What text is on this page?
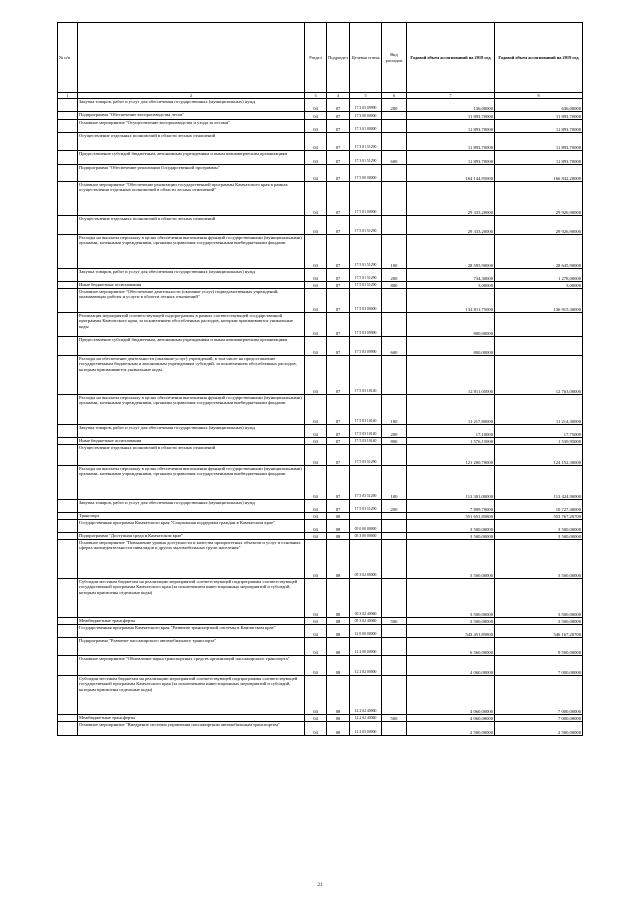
№ п/п		Раздел	Подраздел	Целевая статья	Вид расходов	Годовой объем ассигнований на 2018 год	Годовой объем ассигнований на 2019 год
1	2	3	4	5	6	7	8
	Закупка товаров, работ и услуг для обеспечения государственных (муниципальных) нужд	04	07	17 2 05 09990	200	136,00000	636,00000
	Подпрограмма "Обеспечение воспроизводства лесов"	04	07	17 3 00 00000		11 893,70000	11 893,70000
	Основное мероприятие "Осуществление воспроизводства и ухода за лесами"	04	07	17 3 01 00000		11 893,70000	11 893,70000
	Осуществление отдельных полномочий в области лесных отношений	04	07	17 3 01 51290		11 893,70000	11 893,70000
	Предоставление субсидий бюджетным, автономным учреждениям и иным некоммерческим организациям	04	07	17 3 01 51290	600	11 893,70000	11 893,70000
	Подпрограмма "Обеспечение реализации Государственной программы"	04	07	17 5 00 00000		164 144,95000	166 842,20000
	Основное мероприятие "Обеспечение реализации государственной программы Камчатского края в рамках осуществления отдельных полномочий в области лесных отношений"	04	07	17 5 01 00000		29 333,20000	29 926,90000
	Осуществление отдельных полномочий в области лесных отношений	04	07	17 5 01 51290		29 333,20000	29 926,90000
	Расходы на выплаты персоналу в целях обеспечения выполнения функций государственными (муниципальными) органами, казенными учреждениями, органами управления государственными внебюджетными фондами	04	07	17 5 01 51290	100	28 595,90000	28 645,90000
	Закупка товаров, работ и услуг для обеспечения государственных (муниципальных) нужд	04	07	17 5 01 51290	200	734,30000	1 278,00000
	Иные бюджетные ассигнования	04	07	17 5 01 51290	800	3,00000	3,00000
	Основное мероприятие "Обеспечение деятельности (оказание услуг) подведомственных учреждений, оказывающих работы и услуги в области лесных отношений"	04	07	17 5 03 00000		134 811,75000	136 915,30000
	Реализация мероприятий соответствующей подпрограммы в рамках соответствующей государственной программы Камчатского края, за исключением обособленных расходов, которым присваиваются уникальные коды	04	07	17 5 03 09990		800,00000	
	Предоставление субсидий бюджетным, автономным учреждениям и иным некоммерческим организациям	04	07	17 5 03 09990	600	800,00000	
	Расходы на обеспечение деятельности (оказание услуг) учреждений, в том числе на предоставление государственным бюджетным и автономным учреждениям субсидий, за исключением обособленных расходов, которым присваиваются уникальные коды	04	07	17 5 03 10140		12 811,05000	12 763,00000
	Расходы на выплаты персоналу в целях обеспечения выполнения функций государственными (муниципальными) органами, казенными учреждениями, органами управления государственными внебюджетными фондами	04	07	17 5 03 10140	100	11 217,80000	11 214,30000
	Закупка товаров, работ и услуг для обеспечения государственных (муниципальных) нужд	04	07	17 5 03 10140	200	17,10000	17,75000
	Иные бюджетные ассигнования	04	07	17 5 03 10140	800	1 576,15000	1 530,95000
	Осуществление отдельных полномочий в области лесных отношений	04	07	17 5 03 51290		121 200,70000	124 152,30000
	Расходы на выплаты персоналу в целях обеспечения выполнения функций государственными (муниципальными) органами, казенными учреждениями, органами управления государственными внебюджетными фондами	04	07	17 5 03 51290	100	113 301,00000	113 424,90000
	Закупка товаров, работ и услуг для обеспечения государственных (муниципальных) нужд	04	07	17 5 03 51290	200	7 899,70000	10 727,40000
	Транспорт	04	08			551 651,85800	553 767,20700
	Государственная программа Камчатского края "Социальная поддержка граждан в Камчатском крае"	04	08	05 0 00 00000		3 500,00000	3 500,00000
	Подпрограмма "Доступная среда в Камчатском крае"	04	08	05 3 00 00000		3 500,00000	3 500,00000
	Основное мероприятие "Повышение уровня доступности и качества приоритетных объектов и услуг в основных сферах жизнедеятельности инвалидов и других маломобильных групп населения"	04	08	05 3 02 00000		3 500,00000	3 500,00000
	Субсидии местным бюджетам на реализацию мероприятий соответствующей подпрограммы соответствующей государственной программы Камчатского края (за исключением инвестиционных мероприятий и субсидий, которым присвоены отдельные коды)	04	08	05 3 02 40060		3 500,00000	3 500,00000
	Межбюджетные трансферты	04	08	05 3 02 40060	500	3 500,00000	3 500,00000
	Государственная программа Камчатского края "Развитие транспортной системы в Камчатском крае"	04	08	12 0 00 00000		543 451,85800	546 167,20700
	Подпрограмма "Развитие пассажирского автомобильного транспорта"	04	08	12 2 00 00000		6 560,00000	9 500,00000
	Основное мероприятие "Обновление парка транспортных средств организаций пассажирского транспорта"	04	08	12 2 02 00000		4 060,00000	7 000,00000
	Субсидии местным бюджетам на реализацию мероприятий соответствующей подпрограммы соответствующей государственной программы Камчатского края (за исключением инвестиционных мероприятий и субсидий, которым присвоены отдельные коды)	04	08	12 2 02 40060		4 060,00000	7 000,00000
	Межбюджетные трансферты	04	08	12 2 02 40060	500	4 060,00000	7 000,00000
	Основное мероприятие "Внедрение системы управления пассажирским автомобильным транспортом"	04	08	12 2 05 00000		2 500,00000	2 500,00000
21
